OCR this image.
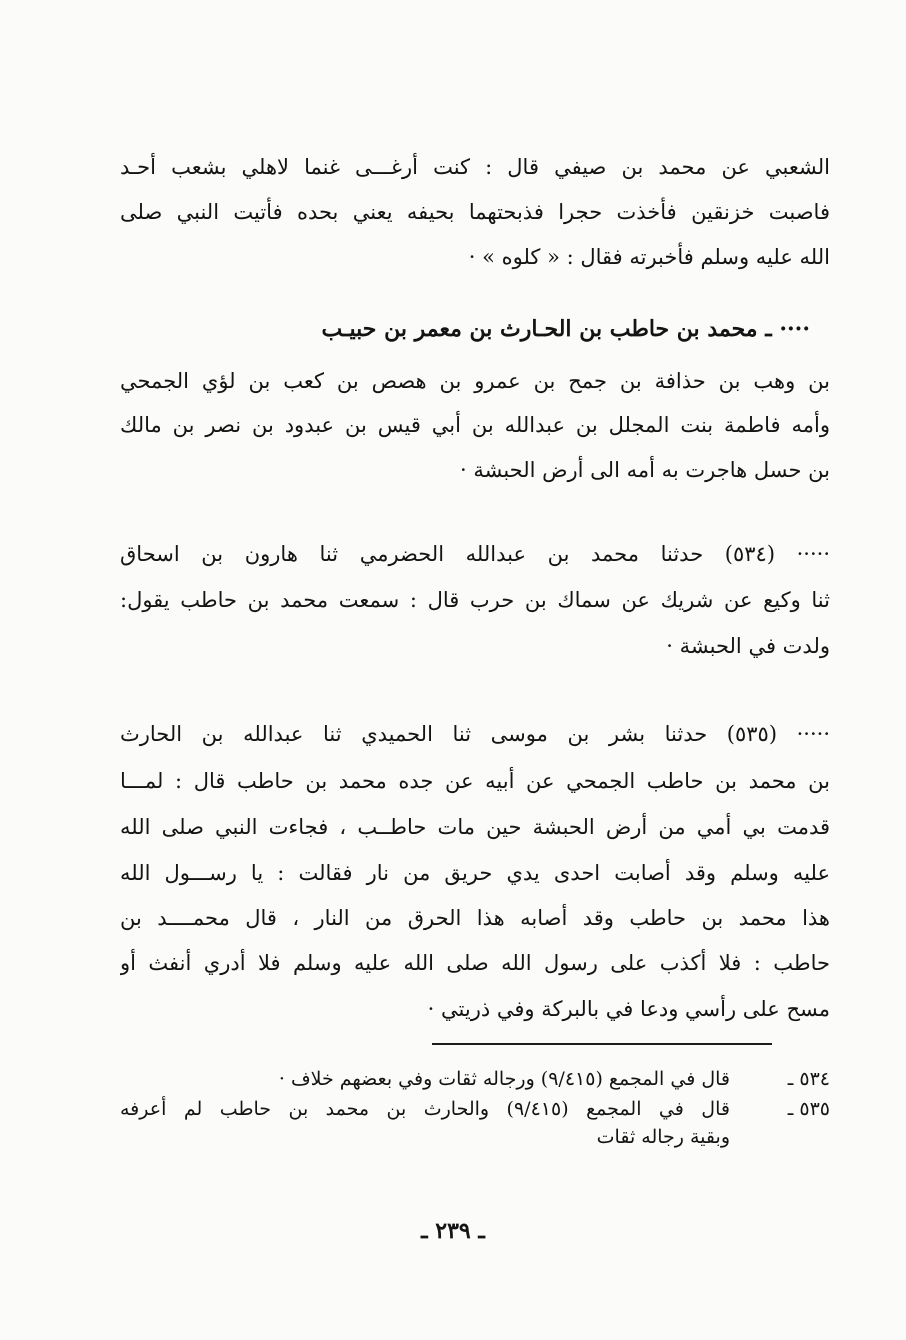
الشعبي عن محمد بن صيفي قال : كنت أرغـــى غنما لاهلي بشعب أحـد
فاصبت خزنقين فأخذت حجرا فذبحتهما بحيفه يعني بحده فأتيت النبي صلى
الله عليه وسلم فأخبرته فقال : « كلوه » ·
···· ـ محمد بن حاطب بن الحـارث بن معمر بن حبيـب
بن وهب بن حذافة بن جمح بن عمرو بن هصص بن كعب بن لؤي الجمحي
وأمه فاطمة بنت المجلل بن عبدالله بن أبي قيس بن عبدود بن نصر بن مالك
بن حسل هاجرت به أمه الى أرض الحبشة ·
····· (٥٣٤) حدثنا محمد بن عبدالله الحضرمي ثنا هارون بن اسحاق
ثنا وكيع عن شريك عن سماك بن حرب قال : سمعت محمد بن حاطب يقول:
ولدت في الحبشة ·
····· (٥٣٥) حدثنا بشر بن موسى ثنا الحميدي ثنا عبدالله بن الحارث
بن محمد بن حاطب الجمحي عن أبيه عن جده محمد بن حاطب قال : لمـــا
قدمت بي أمي من أرض الحبشة حين مات حاطــب ، فجاءت النبي صلى الله
عليه وسلم وقد أصابت احدى يدي حريق من نار فقالت : يا رســـول الله
هذا محمد بن حاطب وقد أصابه هذا الحرق من النار ، قال محمــــد بن
حاطب : فلا أكذب على رسول الله صلى الله عليه وسلم فلا أدري أنفث أو
مسح على رأسي ودعا في بالبركة وفي ذريتي ·
٥٣٤ ـ
قال في المجمع (٩/٤١٥) ورجاله ثقات وفي بعضهم خلاف ·
٥٣٥ ـ
قال في المجمع (٩/٤١٥) والحارث بن محمد بن حاطب لم أعرفه
وبقية رجاله ثقات
ـ ٢٣٩ ـ
